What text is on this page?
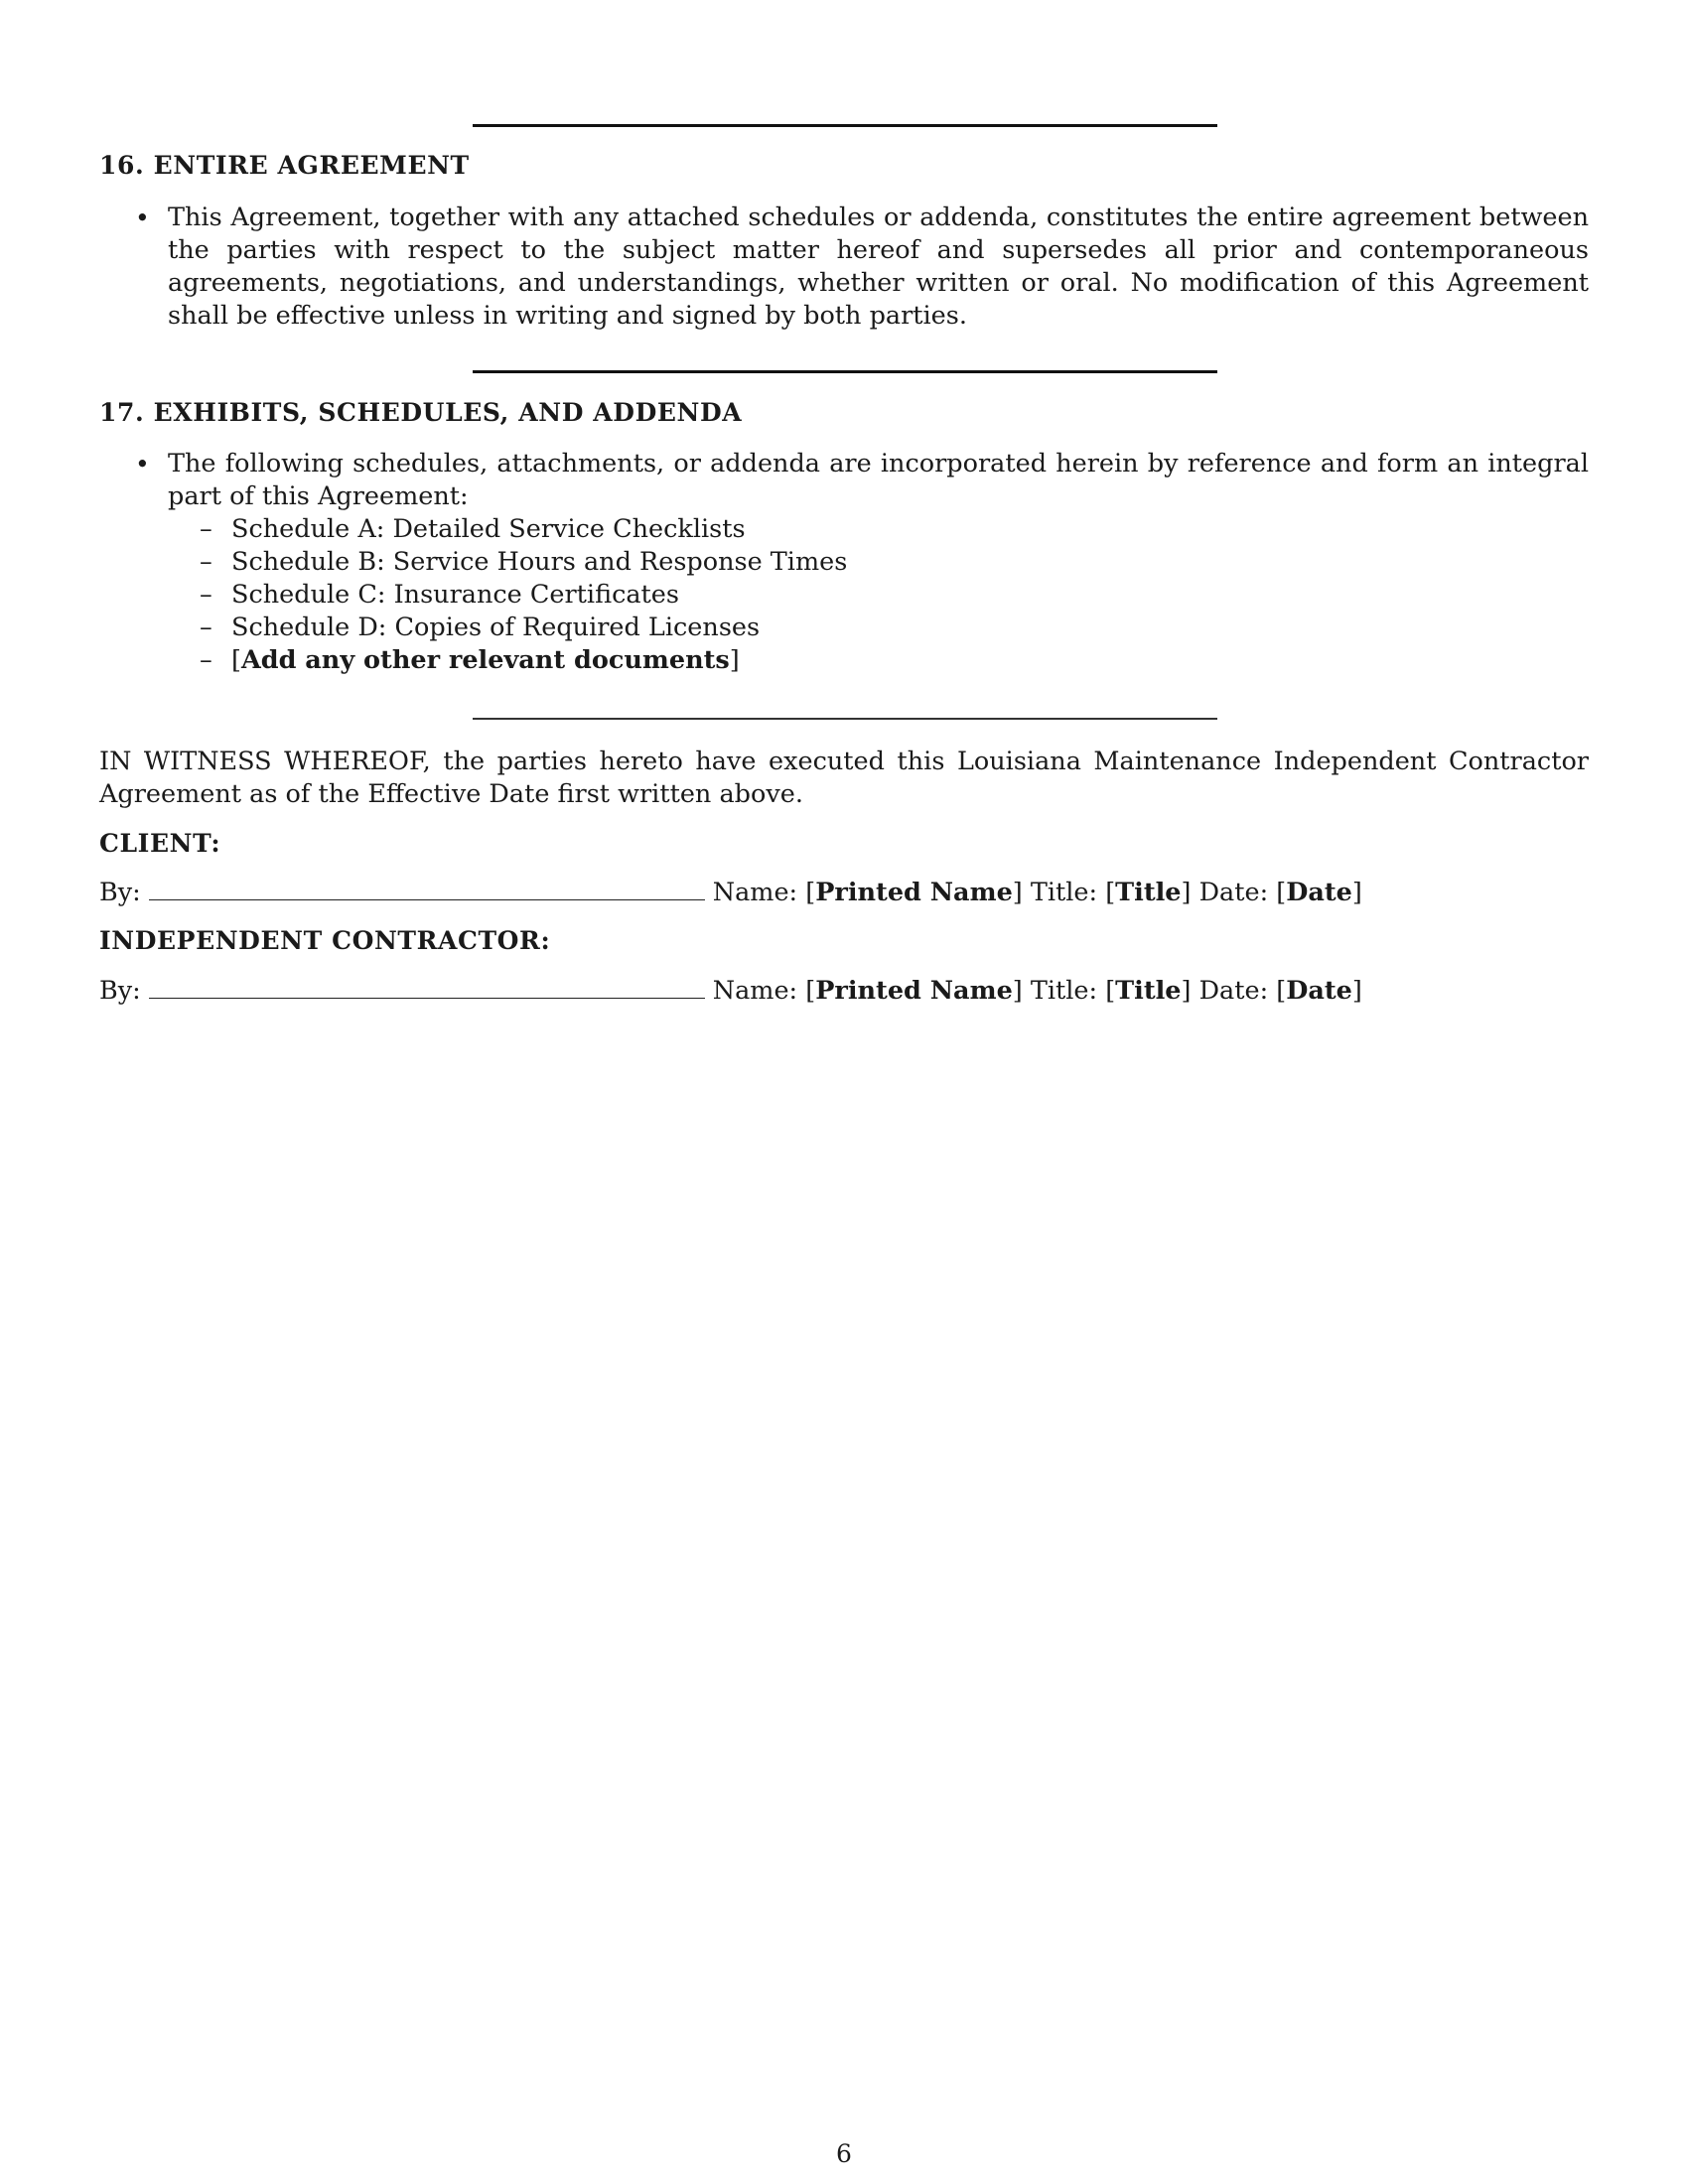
16. ENTIRE AGREEMENT
• This Agreement, together with any attached schedules or addenda, constitutes the entire agreement between the parties with respect to the subject matter hereof and supersedes all prior and contemporaneous agreements, negotiations, and understandings, whether written or oral. No modification of this Agreement shall be effective unless in writing and signed by both parties.
17. EXHIBITS, SCHEDULES, AND ADDENDA
• The following schedules, attachments, or addenda are incorporated herein by reference and form an integral part of this Agreement:
– Schedule A: Detailed Service Checklists
– Schedule B: Service Hours and Response Times
– Schedule C: Insurance Certificates
– Schedule D: Copies of Required Licenses
– [Add any other relevant documents]

IN WITNESS WHEREOF, the parties hereto have executed this Louisiana Maintenance Independent Contractor Agreement as of the Effective Date first written above.

CLIENT:
By:	Name: [Printed Name] Title: [Title] Date: [Date]
INDEPENDENT CONTRACTOR:
By:	Name: [Printed Name] Title: [Title] Date: [Date]
6
